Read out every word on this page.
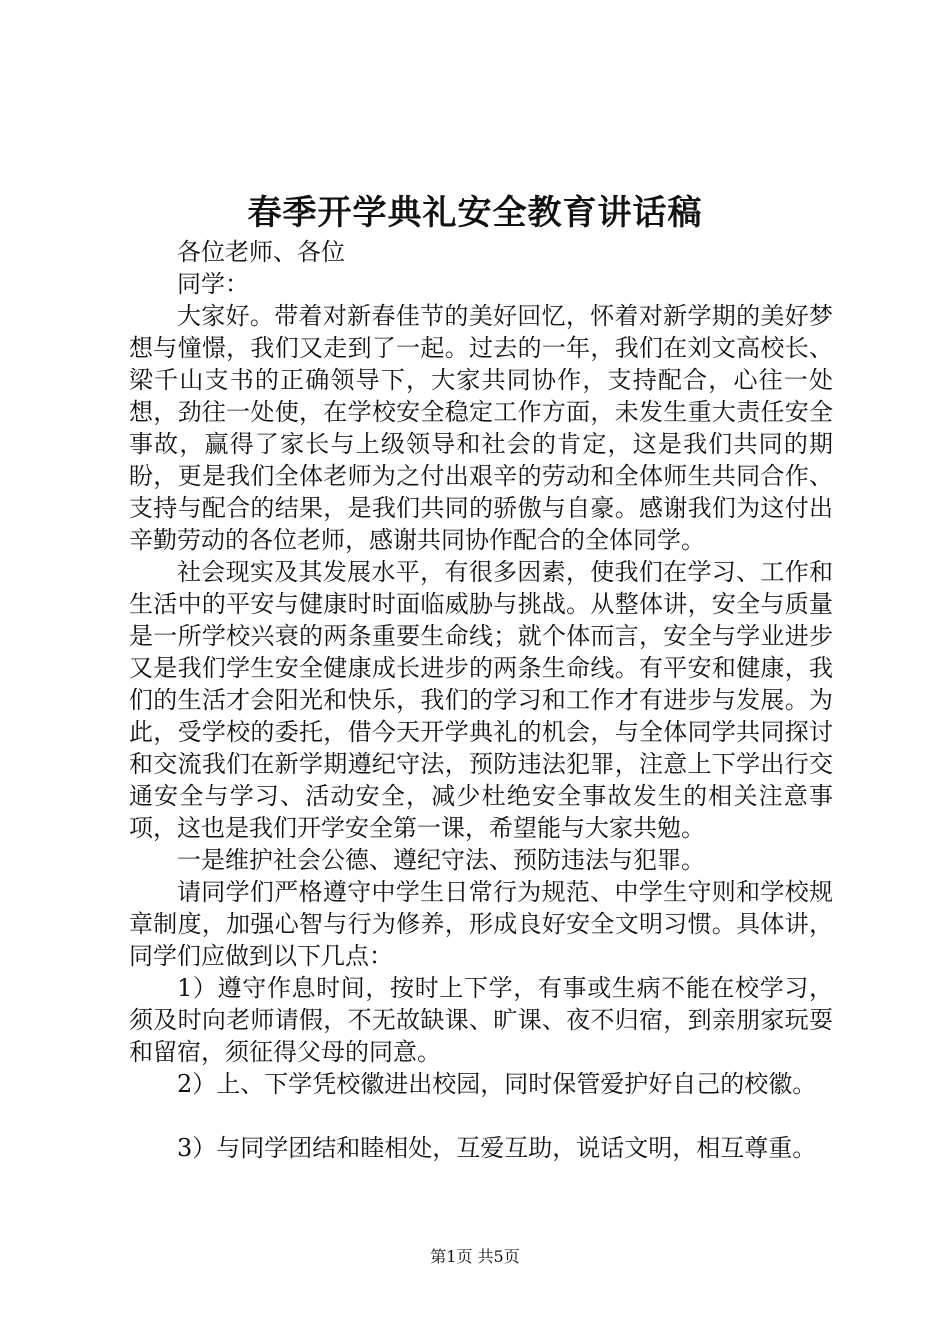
春季开学典礼安全教育讲话稿

各位老师、各位

同学：

大家好。带着对新春佳节的美好回忆，怀着对新学期的美好梦想与憧憬，我们又走到了一起。过去的一年，我们在刘文高校长、梁千山支书的正确领导下，大家共同协作，支持配合，心往一处想，劲往一处使，在学校安全稳定工作方面，未发生重大责任安全事故，赢得了家长与上级领导和社会的肯定，这是我们共同的期盼，更是我们全体老师为之付出艰辛的劳动和全体师生共同合作、支持与配合的结果，是我们共同的骄傲与自豪。感谢我们为这付出辛勤劳动的各位老师，感谢共同协作配合的全体同学。

社会现实及其发展水平，有很多因素，使我们在学习、工作和生活中的平安与健康时时面临威胁与挑战。从整体讲，安全与质量是一所学校兴衰的两条重要生命线；就个体而言，安全与学业进步又是我们学生安全健康成长进步的两条生命线。有平安和健康，我们的生活才会阳光和快乐，我们的学习和工作才有进步与发展。为此，受学校的委托，借今天开学典礼的机会，与全体同学共同探讨和交流我们在新学期遵纪守法，预防违法犯罪，注意上下学出行交通安全与学习、活动安全，减少杜绝安全事故发生的相关注意事项，这也是我们开学安全第一课，希望能与大家共勉。

一是维护社会公德、遵纪守法、预防违法与犯罪。

请同学们严格遵守中学生日常行为规范、中学生守则和学校规章制度，加强心智与行为修养，形成良好安全文明习惯。具体讲，同学们应做到以下几点：

1）遵守作息时间，按时上下学，有事或生病不能在校学习，须及时向老师请假，不无故缺课、旷课、夜不归宿，到亲朋家玩耍和留宿，须征得父母的同意。

2）上、下学凭校徽进出校园，同时保管爱护好自己的校徽。

3）与同学团结和睦相处，互爱互助，说话文明，相互尊重。

第1页 共5页
